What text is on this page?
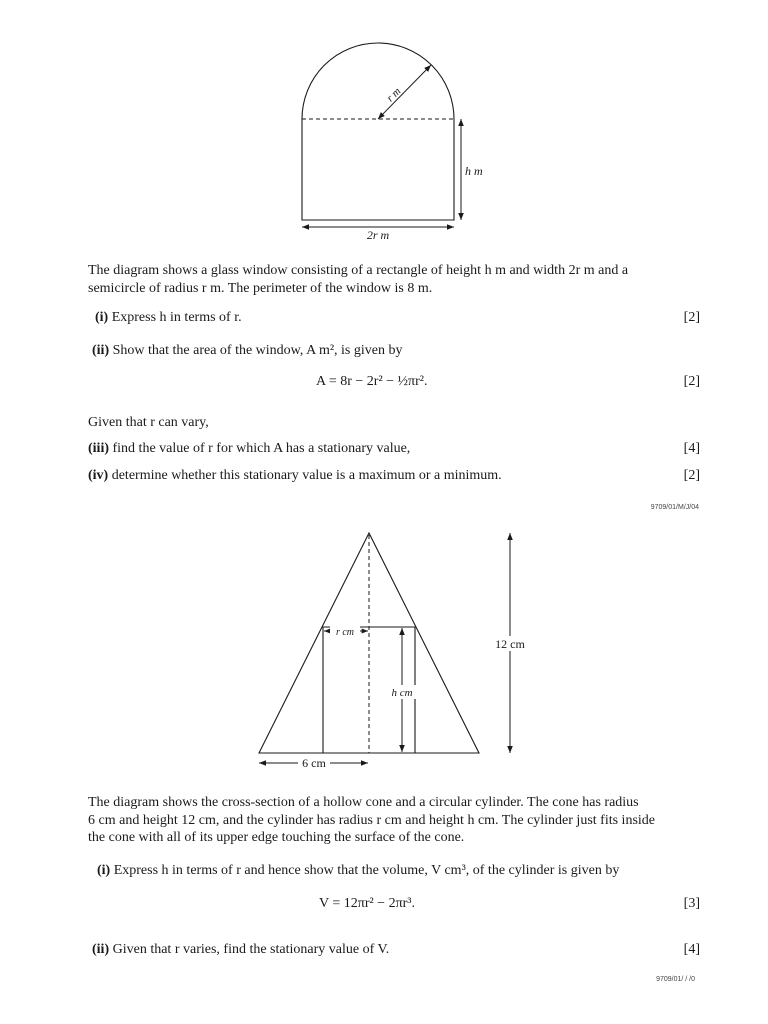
r m
h m
2r m
The diagram shows a glass window consisting of a rectangle of height h m and width 2r m and a
semicircle of radius r m. The perimeter of the window is 8 m.
(i) Express h in terms of r.	[2]
(ii) Show that the area of the window, A m², is given by
A = 8r − 2r² − ½πr².	[2]
Given that r can vary,
(iii) find the value of r for which A has a stationary value,	[4]
(iv) determine whether this stationary value is a maximum or a minimum.	[2]
9709/01/M/J/04
r cm
h cm
12 cm
6 cm
The diagram shows the cross-section of a hollow cone and a circular cylinder. The cone has radius
6 cm and height 12 cm, and the cylinder has radius r cm and height h cm. The cylinder just fits inside
the cone with all of its upper edge touching the surface of the cone.
(i) Express h in terms of r and hence show that the volume, V cm³, of the cylinder is given by
V = 12πr² − 2πr³.	[3]
(ii) Given that r varies, find the stationary value of V.	[4]
9709/01/ / /0
